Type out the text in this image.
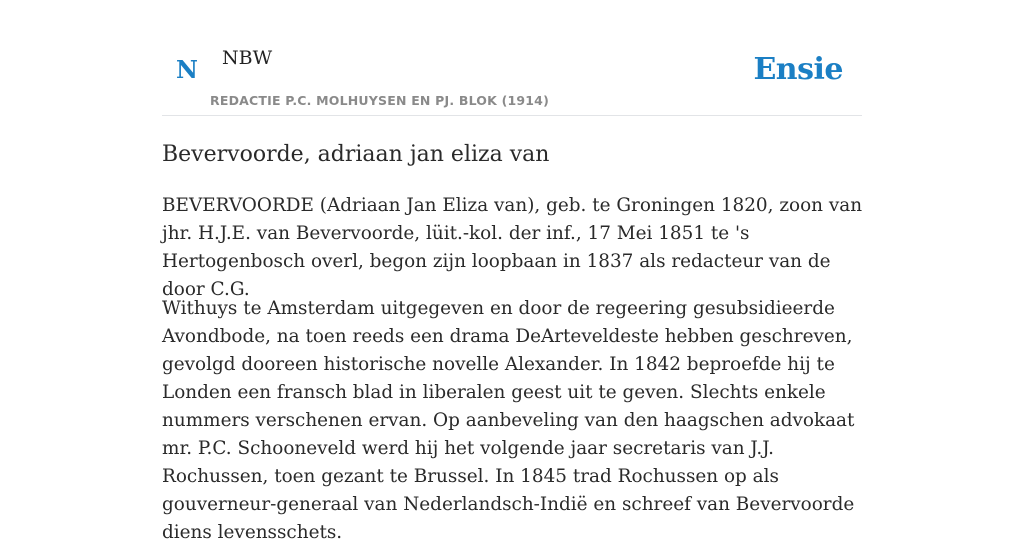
N NBW
REDACTIE P.C. MOLHUYSEN EN PJ. BLOK (1914)
Ensie
Bevervoorde, adriaan jan eliza van

BEVERVOORDE (Adriaan Jan Eliza van), geb. te Groningen 1820, zoon van jhr. H.J.E. van Bevervoorde, lüit.-kol. der inf., 17 Mei 1851 te 's Hertogenbosch overl, begon zijn loopbaan in 1837 als redacteur van de door C.G.

Withuys te Amsterdam uitgegeven en door de regeering gesubsidieerde Avondbode, na toen reeds een drama DeArteveldeste hebben geschreven, gevolgd dooreen historische novelle Alexander. In 1842 beproefde hij te Londen een fransch blad in liberalen geest uit te geven. Slechts enkele nummers verschenen ervan. Op aanbeveling van den haagschen advokaat mr. P.C. Schooneveld werd hij het volgende jaar secretaris van J.J. Rochussen, toen gezant te Brussel. In 1845 trad Rochussen op als gouverneur-generaal van Nederlandsch-Indië en schreef van Bevervoorde diens levensschets.
